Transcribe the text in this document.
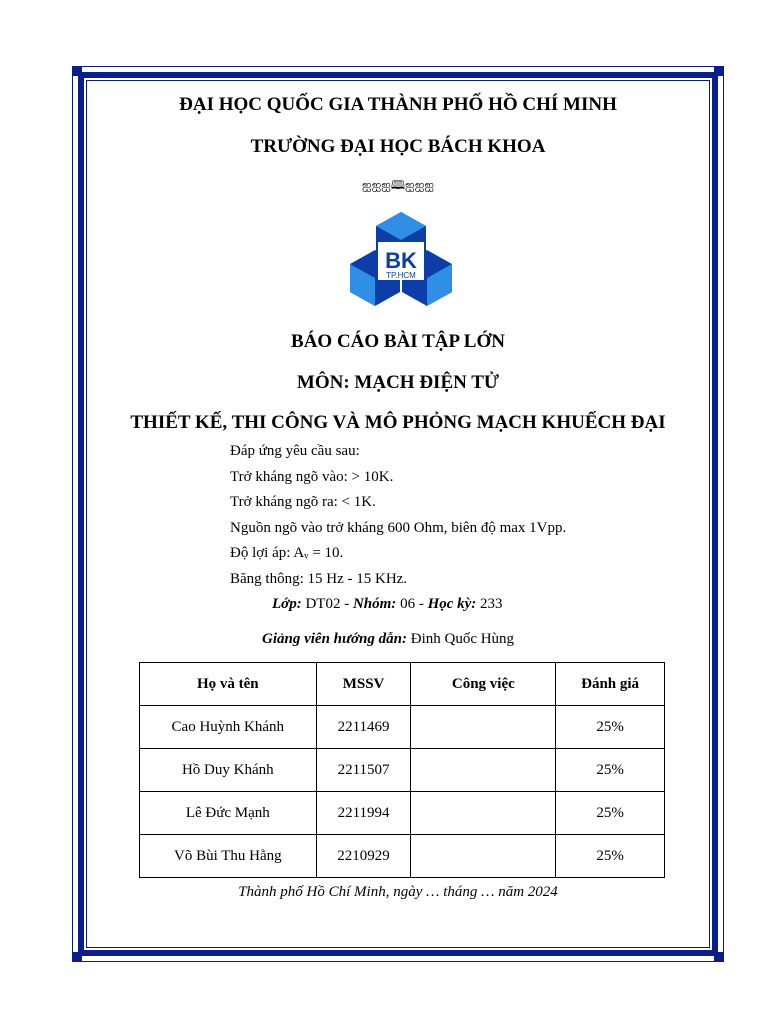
ĐẠI HỌC QUỐC GIA THÀNH PHỐ HỒ CHÍ MINH
TRƯỜNG ĐẠI HỌC BÁCH KHOA
ஐஐஐ🕮ஐஐஐ
BK
TP.HCM
BÁO CÁO BÀI TẬP LỚN
MÔN: MẠCH ĐIỆN TỬ
THIẾT KẾ, THI CÔNG VÀ MÔ PHỎNG MẠCH KHUẾCH ĐẠI
Đáp ứng yêu cầu sau:
Trở kháng ngõ vào: > 10K.
Trở kháng ngõ ra: < 1K.
Nguồn ngõ vào trở kháng 600 Ohm, biên độ max 1Vpp.
Độ lợi áp: Aᵥ = 10.
Băng thông: 15 Hz - 15 KHz.
Lớp: DT02 - Nhóm: 06 - Học kỳ: 233
Giảng viên hướng dẫn: Đinh Quốc Hùng
Họ và tên	MSSV	Công việc	Đánh giá
Cao Huỳnh Khánh	2211469		25%
Hồ Duy Khánh	2211507		25%
Lê Đức Mạnh	2211994		25%
Võ Bùi Thu Hằng	2210929		25%
Thành phố Hồ Chí Minh, ngày … tháng … năm 2024
